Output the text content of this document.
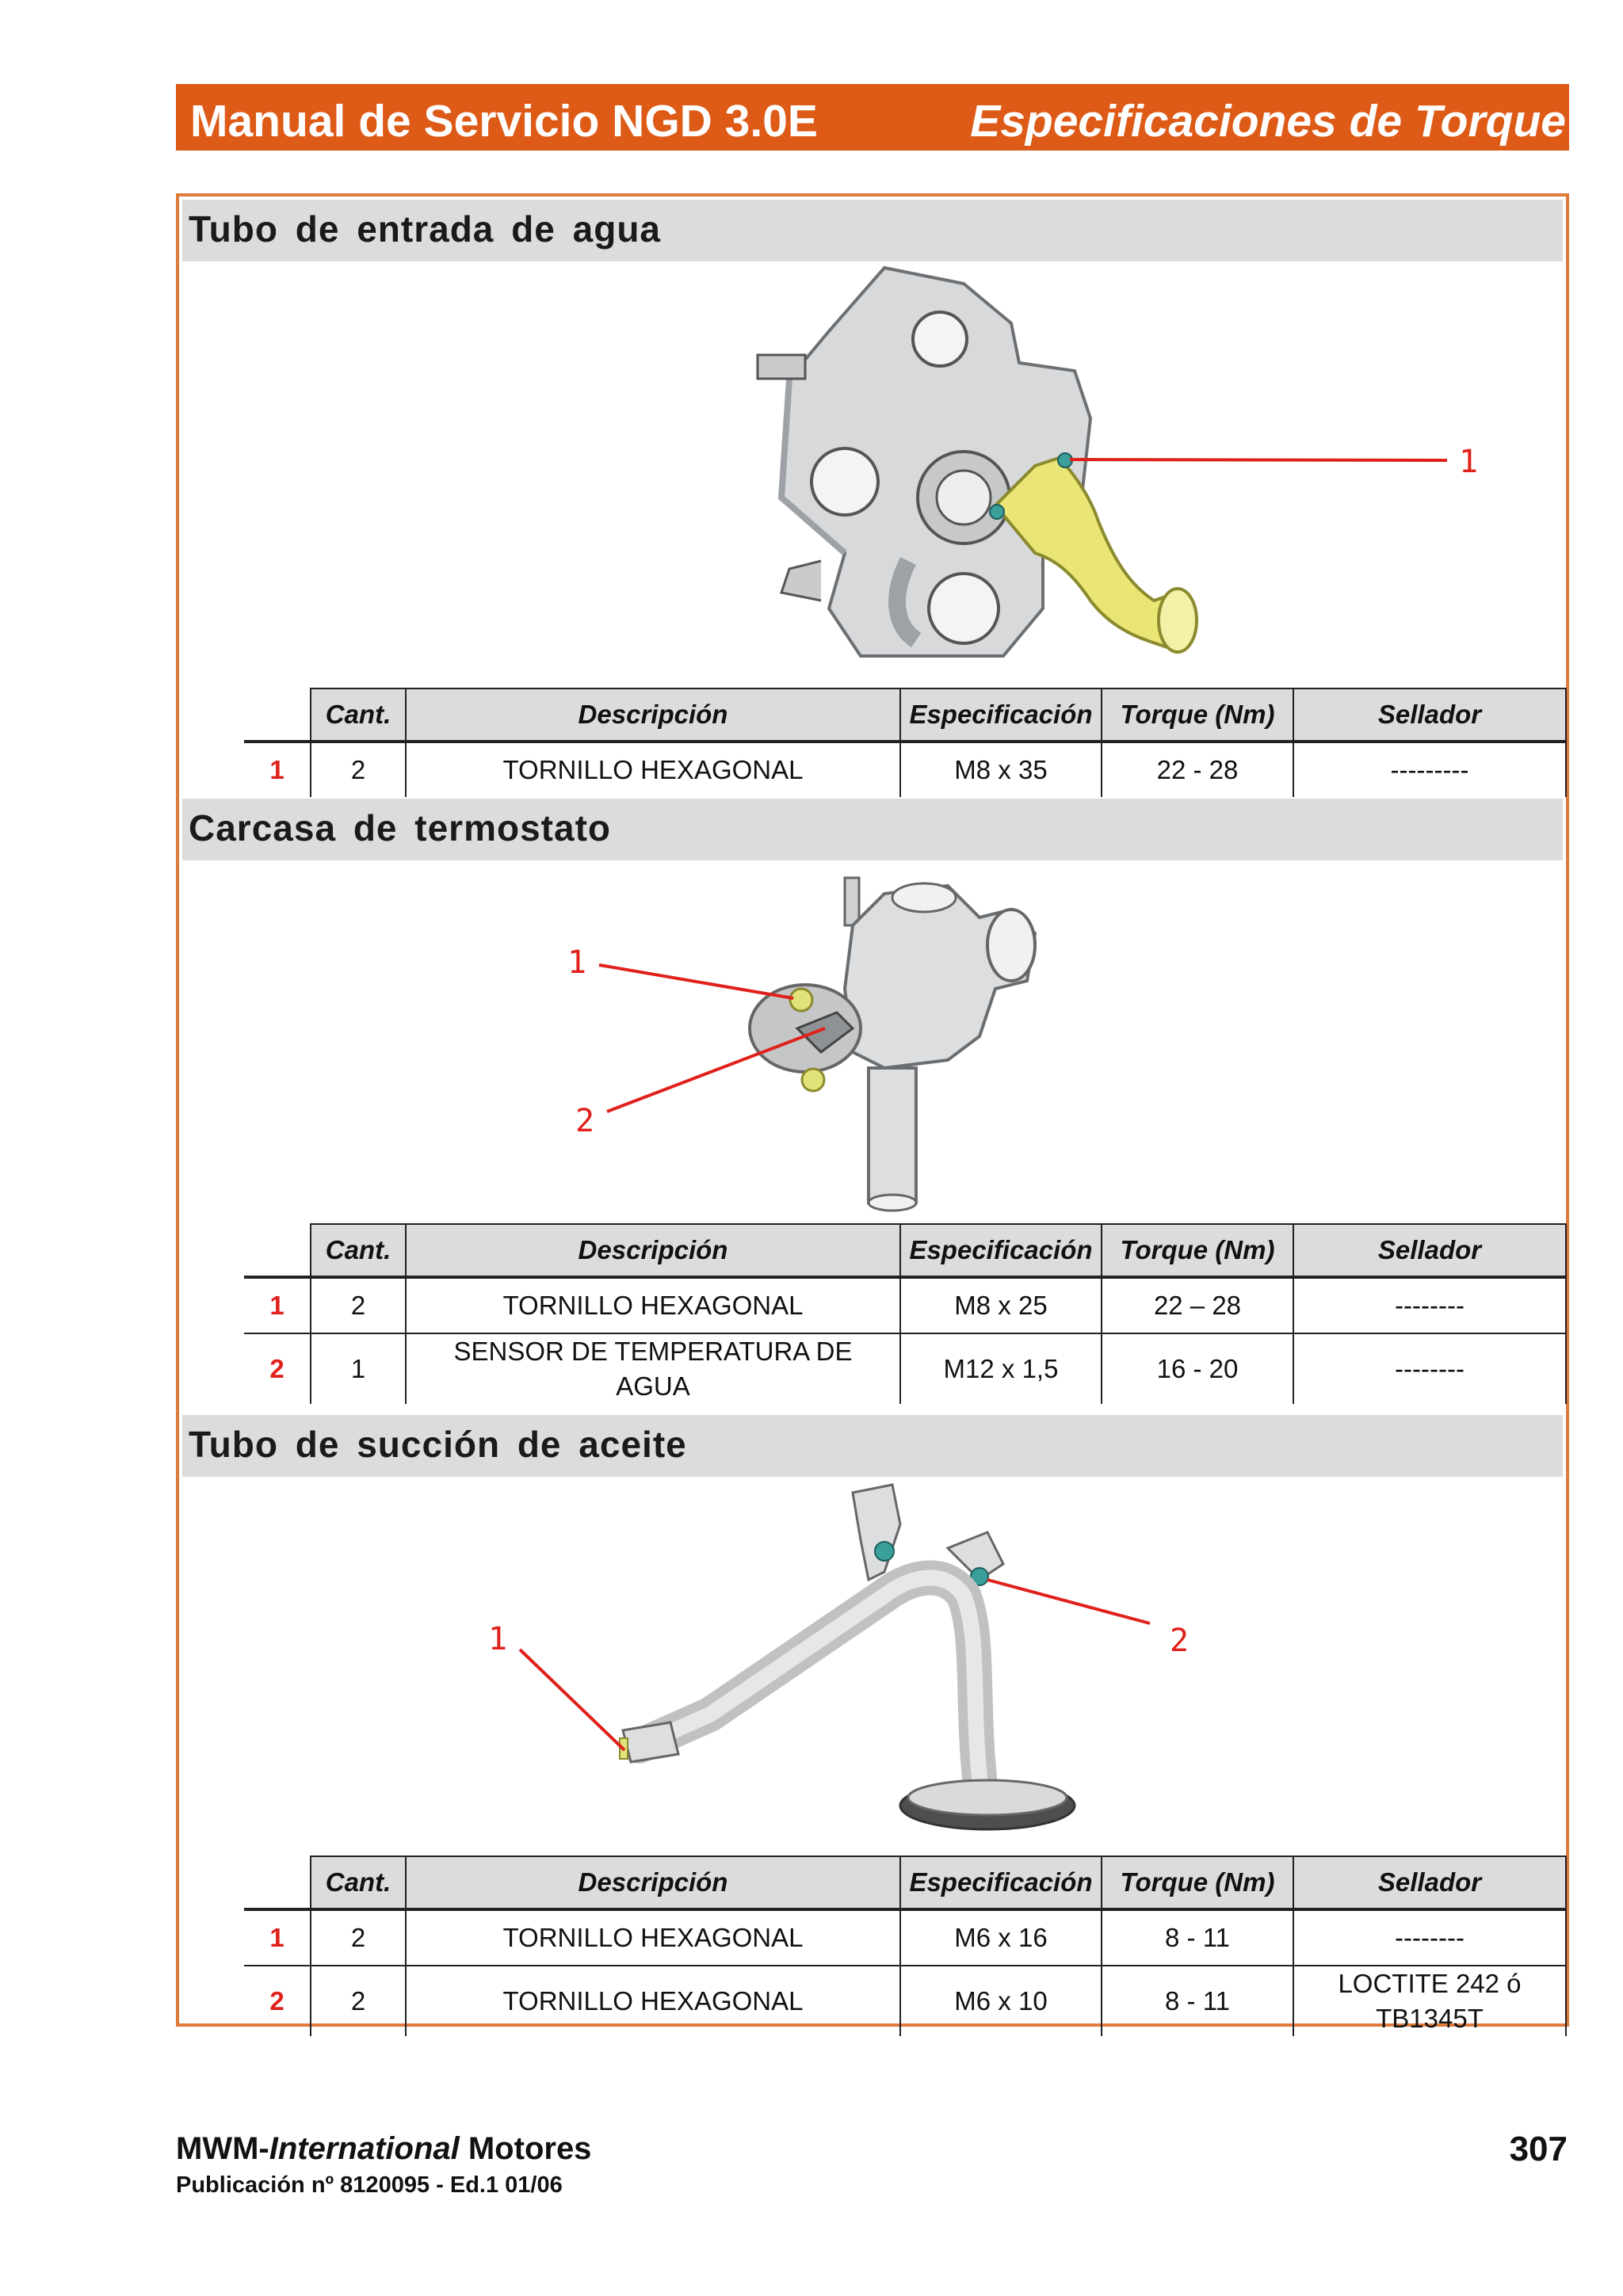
Manual de Servicio NGD 3.0E	Especificaciones de Torque
Tubo de entrada de agua
1
	Cant.	Descripción	Especificación	Torque (Nm)	Sellador
1	2	TORNILLO HEXAGONAL	M8 x 35	22 - 28	---------
Carcasa de termostato
1
2
	Cant.	Descripción	Especificación	Torque (Nm)	Sellador
1	2	TORNILLO HEXAGONAL	M8 x 25	22 – 28	--------
2	1	SENSOR DE TEMPERATURA DE AGUA	M12 x 1,5	16 - 20	--------
Tubo de succión de aceite
1	2
	Cant.	Descripción	Especificación	Torque (Nm)	Sellador
1	2	TORNILLO HEXAGONAL	M6 x 16	8 - 11	--------
2	2	TORNILLO HEXAGONAL	M6 x 10	8 - 11	LOCTITE 242 ó TB1345T
MWM-International Motores
Publicación nº 8120095 - Ed.1 01/06
307
